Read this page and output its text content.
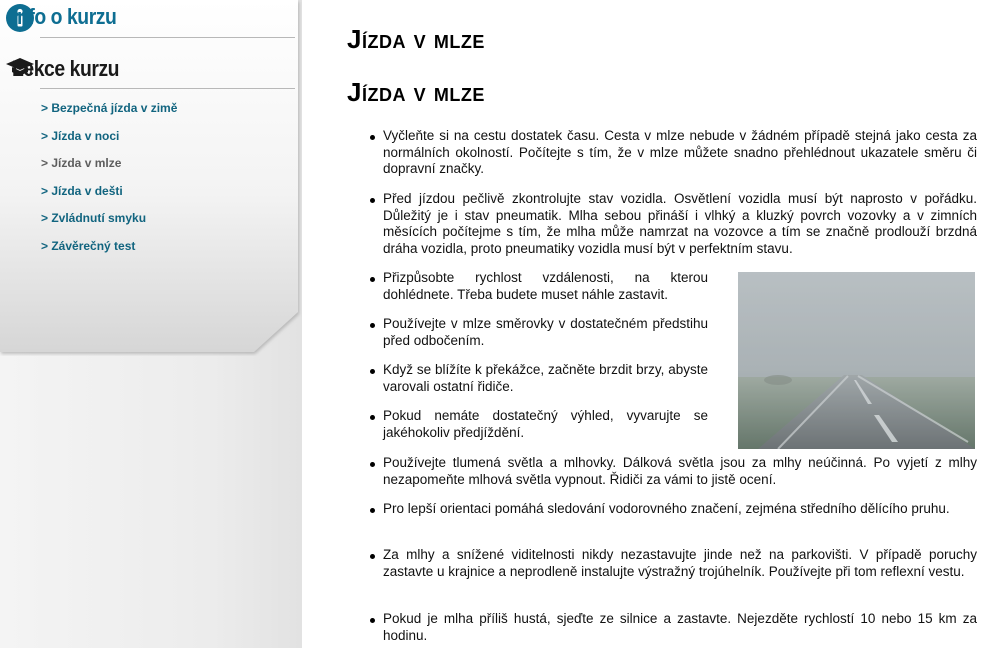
Info o kurzu
Lekce kurzu
> Bezpečná jízda v zimě
> Jízda v noci
> Jízda v mlze
> Jízda v dešti
> Zvládnutí smyku
> Závěrečný test
Jízda v mlze
Jízda v mlze
Vyčleňte si na cestu dostatek času. Cesta v mlze nebude v žádném případě stejná jako cesta za normálních okolností. Počítejte s tím, že v mlze můžete snadno přehlédnout ukazatele směru či dopravní značky.
Před jízdou pečlivě zkontrolujte stav vozidla. Osvětlení vozidla musí být naprosto v pořádku. Důležitý je i stav pneumatik. Mlha sebou přináší i vlhký a kluzký povrch vozovky a v zimních měsících počítejme s tím, že mlha může namrzat na vozovce a tím se značně prodlouží brzdná dráha vozidla, proto pneumatiky vozidla musí být v perfektním stavu.
Přizpůsobte rychlost vzdálenosti, na kterou dohlédnete. Třeba budete muset náhle zastavit.
Používejte v mlze směrovky v dostatečném předstihu před odbočením.
Když se blížíte k překážce, začněte brzdit brzy, abyste varovali ostatní řidiče.
Pokud nemáte dostatečný výhled, vyvarujte se jakéhokoliv předjíždění.
Používejte tlumená světla a mlhovky. Dálková světla jsou za mlhy neúčinná. Po vyjetí z mlhy nezapomeňte mlhová světla vypnout. Řidiči za vámi to jistě ocení.
Pro lepší orientaci pomáhá sledování vodorovného značení, zejména středního dělícího pruhu.
Za mlhy a snížené viditelnosti nikdy nezastavujte jinde než na parkovišti. V případě poruchy zastavte u krajnice a neprodleně instalujte výstražný trojúhelník. Používejte při tom reflexní vestu.
Pokud je mlha příliš hustá, sjeďte ze silnice a zastavte. Nejezděte rychlostí 10 nebo 15 km za hodinu.
